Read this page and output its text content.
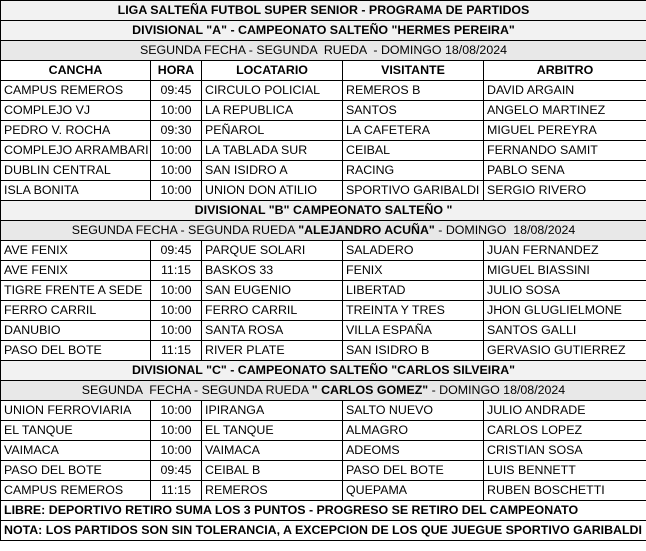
LIGA SALTEÑA FUTBOL SUPER SENIOR - PROGRAMA DE PARTIDOS				
DIVISIONAL "A" - CAMPEONATO SALTEÑO "HERMES PEREIRA"				
SEGUNDA FECHA - SEGUNDA  RUEDA  - DOMINGO 18/08/2024				
CANCHA	HORA	LOCATARIO	VISITANTE	ARBITRO
CAMPUS REMEROS	09:45	CIRCULO POLICIAL	REMEROS B	DAVID ARGAIN
COMPLEJO VJ	10:00	LA REPUBLICA	SANTOS	ANGELO MARTINEZ
PEDRO V. ROCHA	09:30	PEÑAROL	LA CAFETERA	MIGUEL PEREYRA
COMPLEJO ARRAMBARI	10:00	LA TABLADA SUR	CEIBAL	FERNANDO SAMIT
DUBLIN CENTRAL	10:00	SAN ISIDRO A	RACING	PABLO SENA
ISLA BONITA	10:00	UNION DON ATILIO	SPORTIVO GARIBALDI	SERGIO RIVERO
DIVISIONAL "B" CAMPEONATO SALTEÑO "				
SEGUNDA FECHA - SEGUNDA RUEDA "ALEJANDRO ACUÑA" - DOMINGO  18/08/2024				
AVE FENIX	09:45	PARQUE SOLARI	SALADERO	JUAN FERNANDEZ
AVE FENIX	11:15	BASKOS 33	FENIX	MIGUEL BIASSINI
TIGRE FRENTE A SEDE	10:00	SAN EUGENIO	LIBERTAD	JULIO SOSA
FERRO CARRIL	10:00	FERRO CARRIL	TREINTA Y TRES	JHON GLUGLIELMONE
DANUBIO	10:00	SANTA ROSA	VILLA ESPAÑA	SANTOS GALLI
PASO DEL BOTE	11:15	RIVER PLATE	SAN ISIDRO B	GERVASIO GUTIERREZ
DIVISIONAL "C" - CAMPEONATO SALTEÑO "CARLOS SILVEIRA"				
SEGUNDA  FECHA - SEGUNDA RUEDA " CARLOS GOMEZ" - DOMINGO 18/08/2024				
UNION FERROVIARIA	10:00	IPIRANGA	SALTO NUEVO	JULIO ANDRADE
EL TANQUE	10:00	EL TANQUE	ALMAGRO	CARLOS LOPEZ
VAIMACA	10:00	VAIMACA	ADEOMS	CRISTIAN SOSA
PASO DEL BOTE	09:45	CEIBAL B	PASO DEL BOTE	LUIS BENNETT
CAMPUS REMEROS	11:15	REMEROS	QUEPAMA	RUBEN BOSCHETTI
LIBRE: DEPORTIVO RETIRO SUMA LOS 3 PUNTOS - PROGRESO SE RETIRO DEL CAMPEONATO				
NOTA: LOS PARTIDOS SON SIN TOLERANCIA, A EXCEPCION DE LOS QUE JUEGUE SPORTIVO GARIBALDI				
